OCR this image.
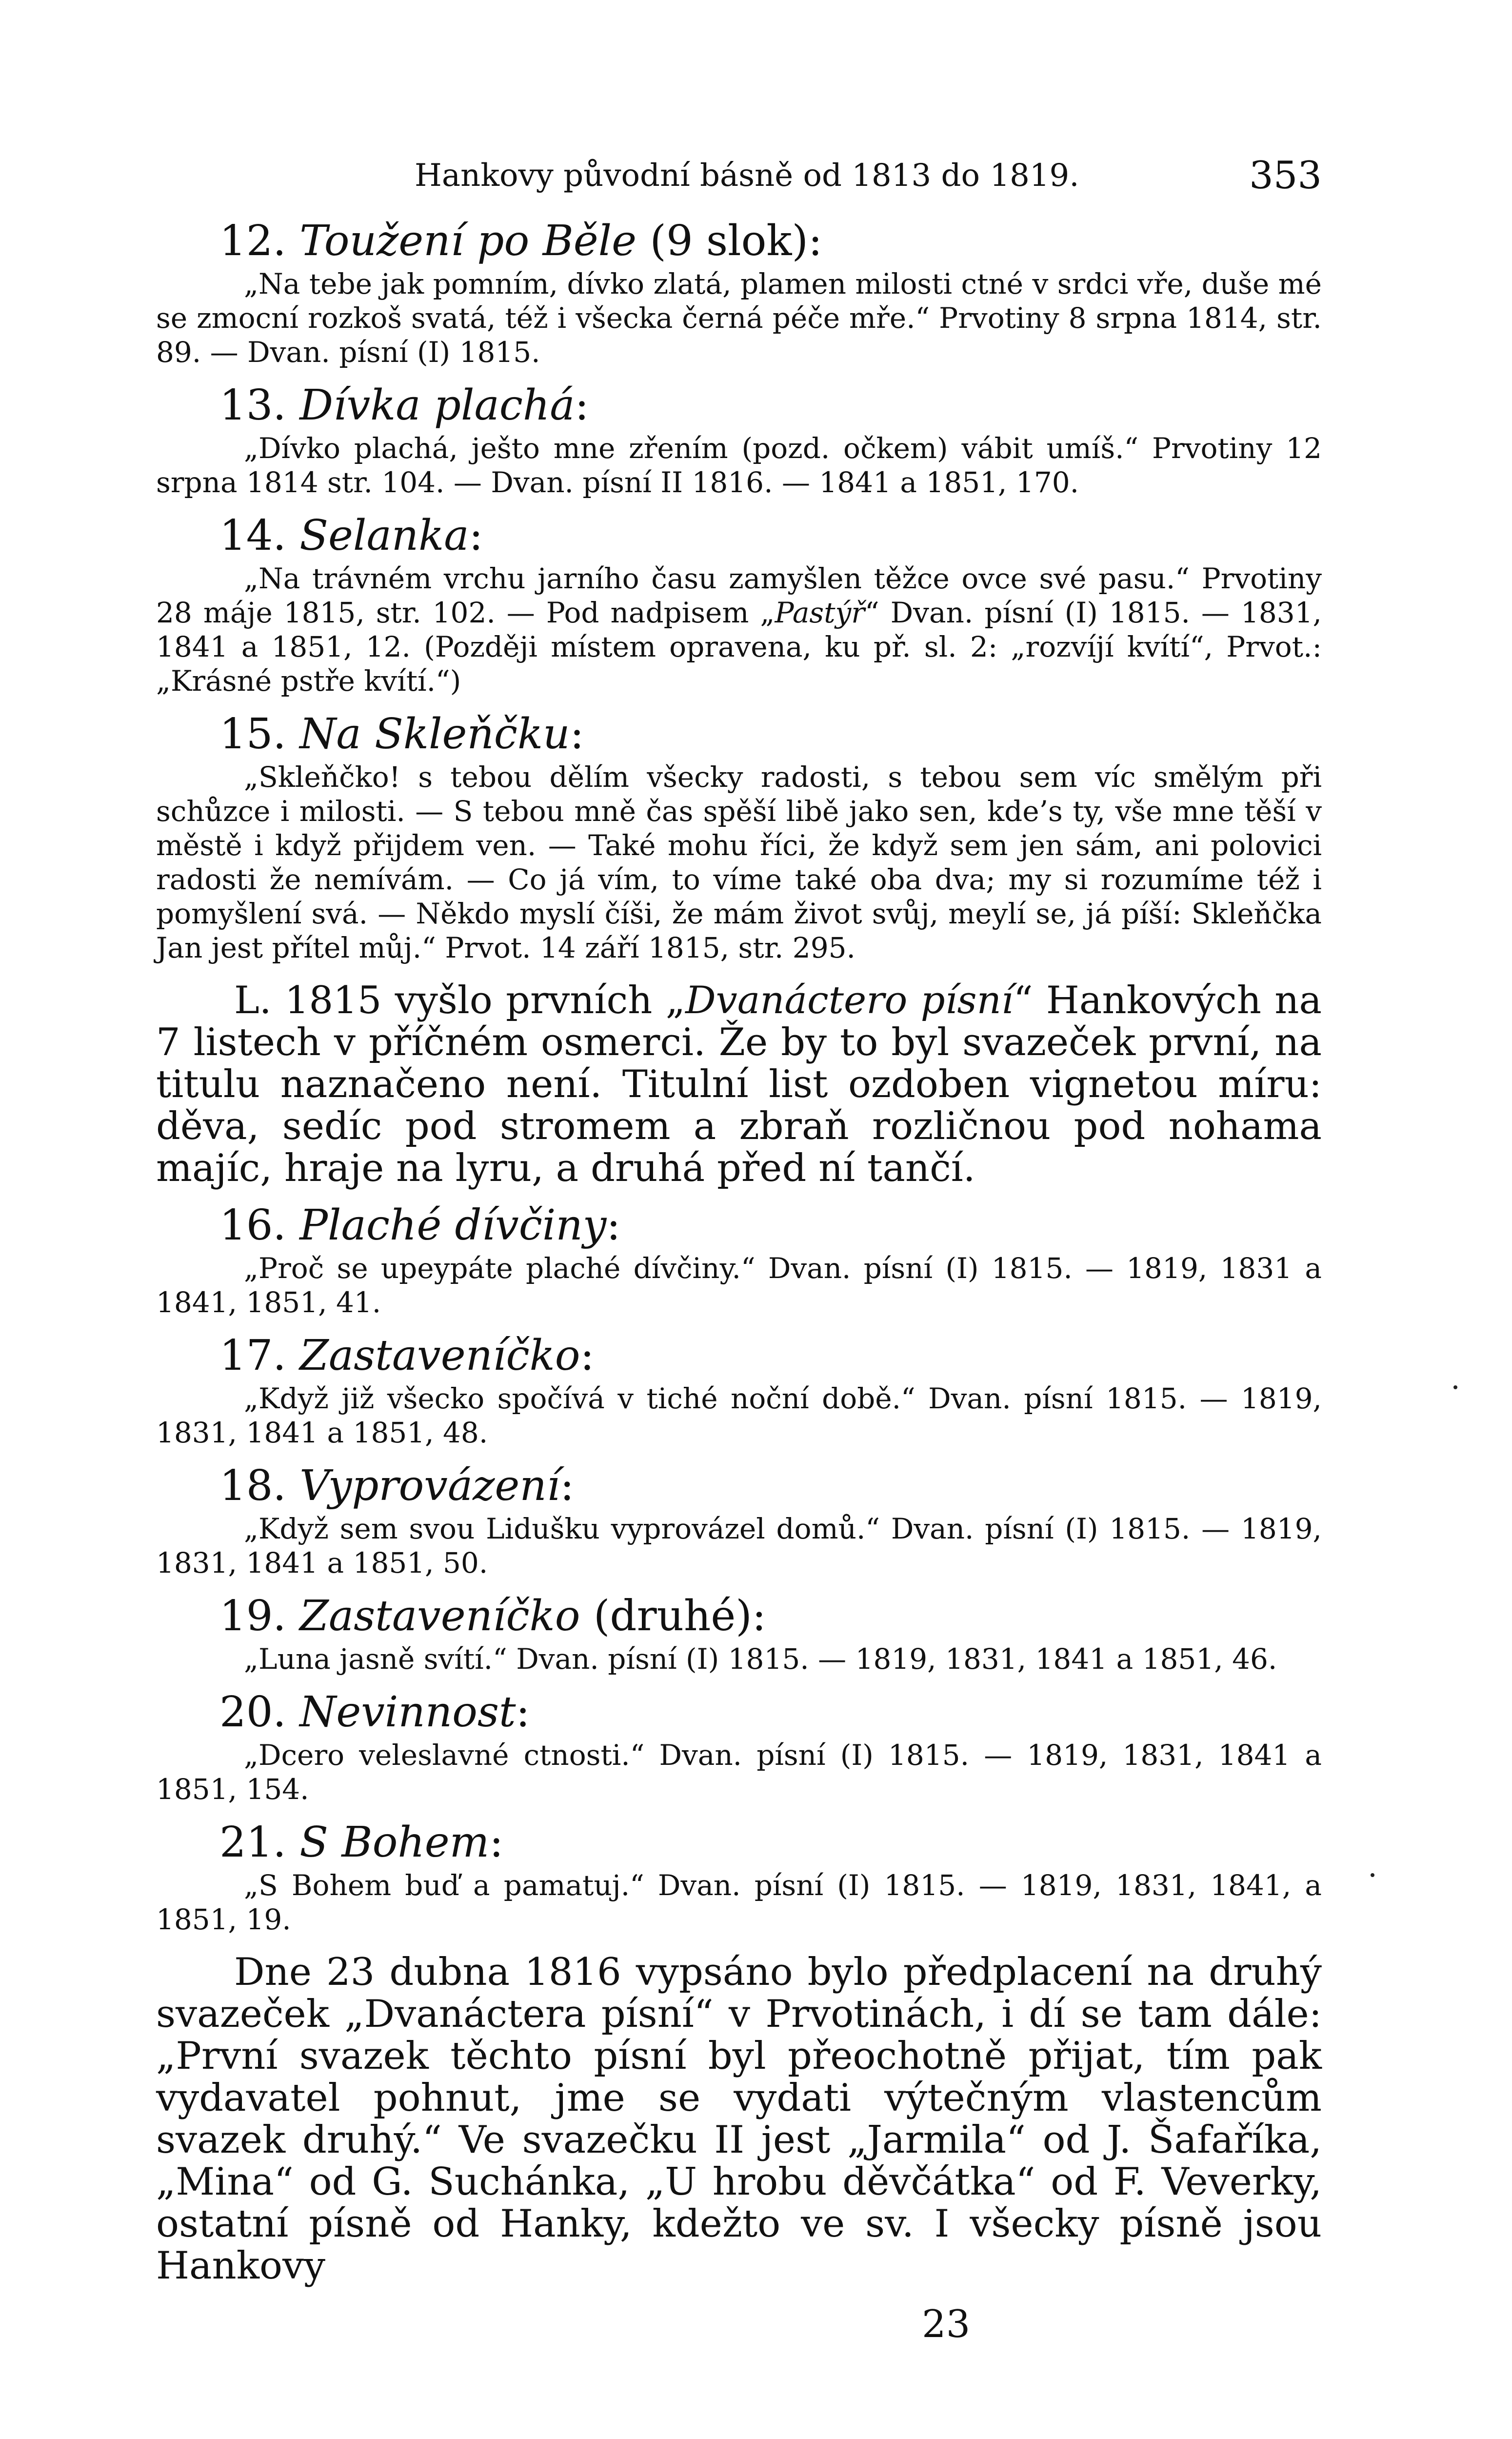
Hankovy původní básně od 1813 do 1819.	353
12. Toužení po Běle (9 slok):

„Na tebe jak pomním, dívko zlatá, plamen milosti ctné v srdci vře, duše mé se zmocní rozkoš svatá, též i všecka černá péče mře.“ Prvotiny 8 srpna 1814, str. 89. — Dvan. písní (I) 1815.

13. Dívka plachá:

„Dívko plachá, ješto mne zřením (pozd. očkem) vábit umíš.“ Prvotiny 12 srpna 1814 str. 104. — Dvan. písní II 1816. — 1841 a 1851, 170.

14. Selanka:

„Na trávném vrchu jarního času zamyšlen těžce ovce své pasu.“ Prvotiny 28 máje 1815, str. 102. — Pod nadpisem „Pastýř“ Dvan. písní (I) 1815. — 1831, 1841 a 1851, 12. (Později místem opravena, ku př. sl. 2: „rozvíjí kvítí“, Prvot.: „Krásné pstře kvítí.“)

15. Na Skleňčku:

„Skleňčko! s tebou dělím všecky radosti, s tebou sem víc smělým při schůzce i milosti. — S tebou mně čas spěší libě jako sen, kde’s ty, vše mne těší v městě i když přijdem ven. — Také mohu říci, že když sem jen sám, ani polovici radosti že nemívám. — Co já vím, to víme také oba dva; my si rozumíme též i pomyšlení svá. — Někdo myslí číši, že mám život svůj, meylí se, já píší: Skleňčka Jan jest přítel můj.“ Prvot. 14 září 1815, str. 295.

L. 1815 vyšlo prvních „Dvanáctero písní“ Hankových na 7 listech v příčném osmerci. Že by to byl svazeček první, na titulu naznačeno není. Titulní list ozdoben vignetou míru: děva, sedíc pod stromem a zbraň rozličnou pod nohama majíc, hraje na lyru, a druhá před ní tančí.

16. Plaché dívčiny:

„Proč se upeypáte plaché dívčiny.“ Dvan. písní (I) 1815. — 1819, 1831 a 1841, 1851, 41.

17. Zastaveníčko:

„Když již všecko spočívá v tiché noční době.“ Dvan. písní 1815. — 1819, 1831, 1841 a 1851, 48.

18. Vyprovázení:

„Když sem svou Lidušku vyprovázel domů.“ Dvan. písní (I) 1815. — 1819, 1831, 1841 a 1851, 50.

19. Zastaveníčko (druhé):

„Luna jasně svítí.“ Dvan. písní (I) 1815. — 1819, 1831, 1841 a 1851, 46.

20. Nevinnost:

„Dcero veleslavné ctnosti.“ Dvan. písní (I) 1815. — 1819, 1831, 1841 a 1851, 154.

21. S Bohem:

„S Bohem buď a pamatuj.“ Dvan. písní (I) 1815. — 1819, 1831, 1841, a 1851, 19.

Dne 23 dubna 1816 vypsáno bylo předplacení na druhý svazeček „Dvanáctera písní“ v Prvotinách, i dí se tam dále: „První svazek těchto písní byl přeochotně přijat, tím pak vydavatel pohnut, jme se vydati výtečným vlastencům svazek druhý.“ Ve svazečku II jest „Jarmila“ od J. Šafaříka, „Mina“ od G. Suchánka, „U hrobu děvčátka“ od F. Veverky, ostatní písně od Hanky, kdežto ve sv. I všecky písně jsou Hankovy

23
